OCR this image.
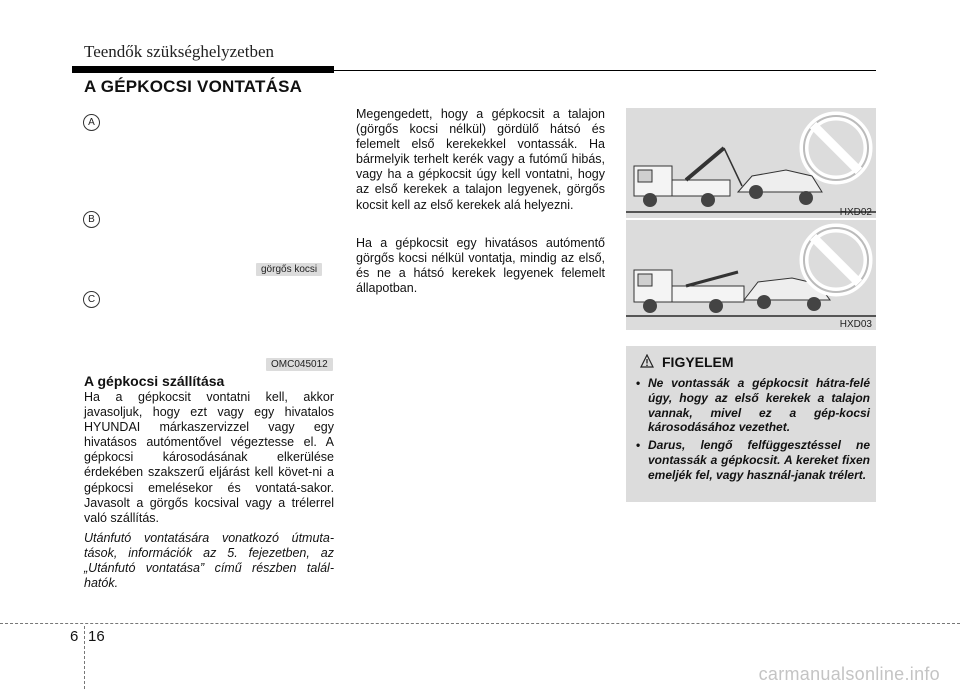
Teendők szükséghelyzetben
A GÉPKOCSI VONTATÁSA
A
B
C
görgős kocsi
OMC045012
A gépkocsi szállítása

Ha a gépkocsit vontatni kell, akkor javasoljuk, hogy ezt vagy egy hivatalos HYUNDAI márkaszervizzel vagy egy hivatásos autómentővel végeztesse el. A gépkocsi károsodásának elkerülése érdekében szakszerű eljárást kell követ-ni a gépkocsi emelésekor és vontatá-sakor. Javasolt a görgős kocsival vagy a trélerrel való szállítás.

Utánfutó vontatására vonatkozó útmuta-tások, információk az 5. fejezetben, az „Utánfutó vontatása” című részben talál-hatók.

Megengedett, hogy a gépkocsit a talajon (görgős kocsi nélkül) gördülő hátsó és felemelt első kerekekkel vontassák. Ha bármelyik terhelt kerék vagy a futómű hibás, vagy ha a gépkocsit úgy kell vontatni, hogy az első kerekek a talajon legyenek, görgős kocsit kell az első kerekek alá helyezni.

Ha a gépkocsit egy hivatásos autómentő görgős kocsi nélkül vontatja, mindig az első, és ne a hátsó kerekek legyenek felemelt állapotban.

HXD02
HXD03
FIGYELEM
• Ne vontassák a gépkocsit hátra-felé úgy, hogy az első kerekek a talajon vannak, mivel ez a gép-kocsi károsodásához vezethet.
• Darus, lengő felfüggesztéssel ne vontassák a gépkocsit. A kereket fixen emeljék fel, vagy használ-janak trélert.
6 16
carmanualsonline.info
